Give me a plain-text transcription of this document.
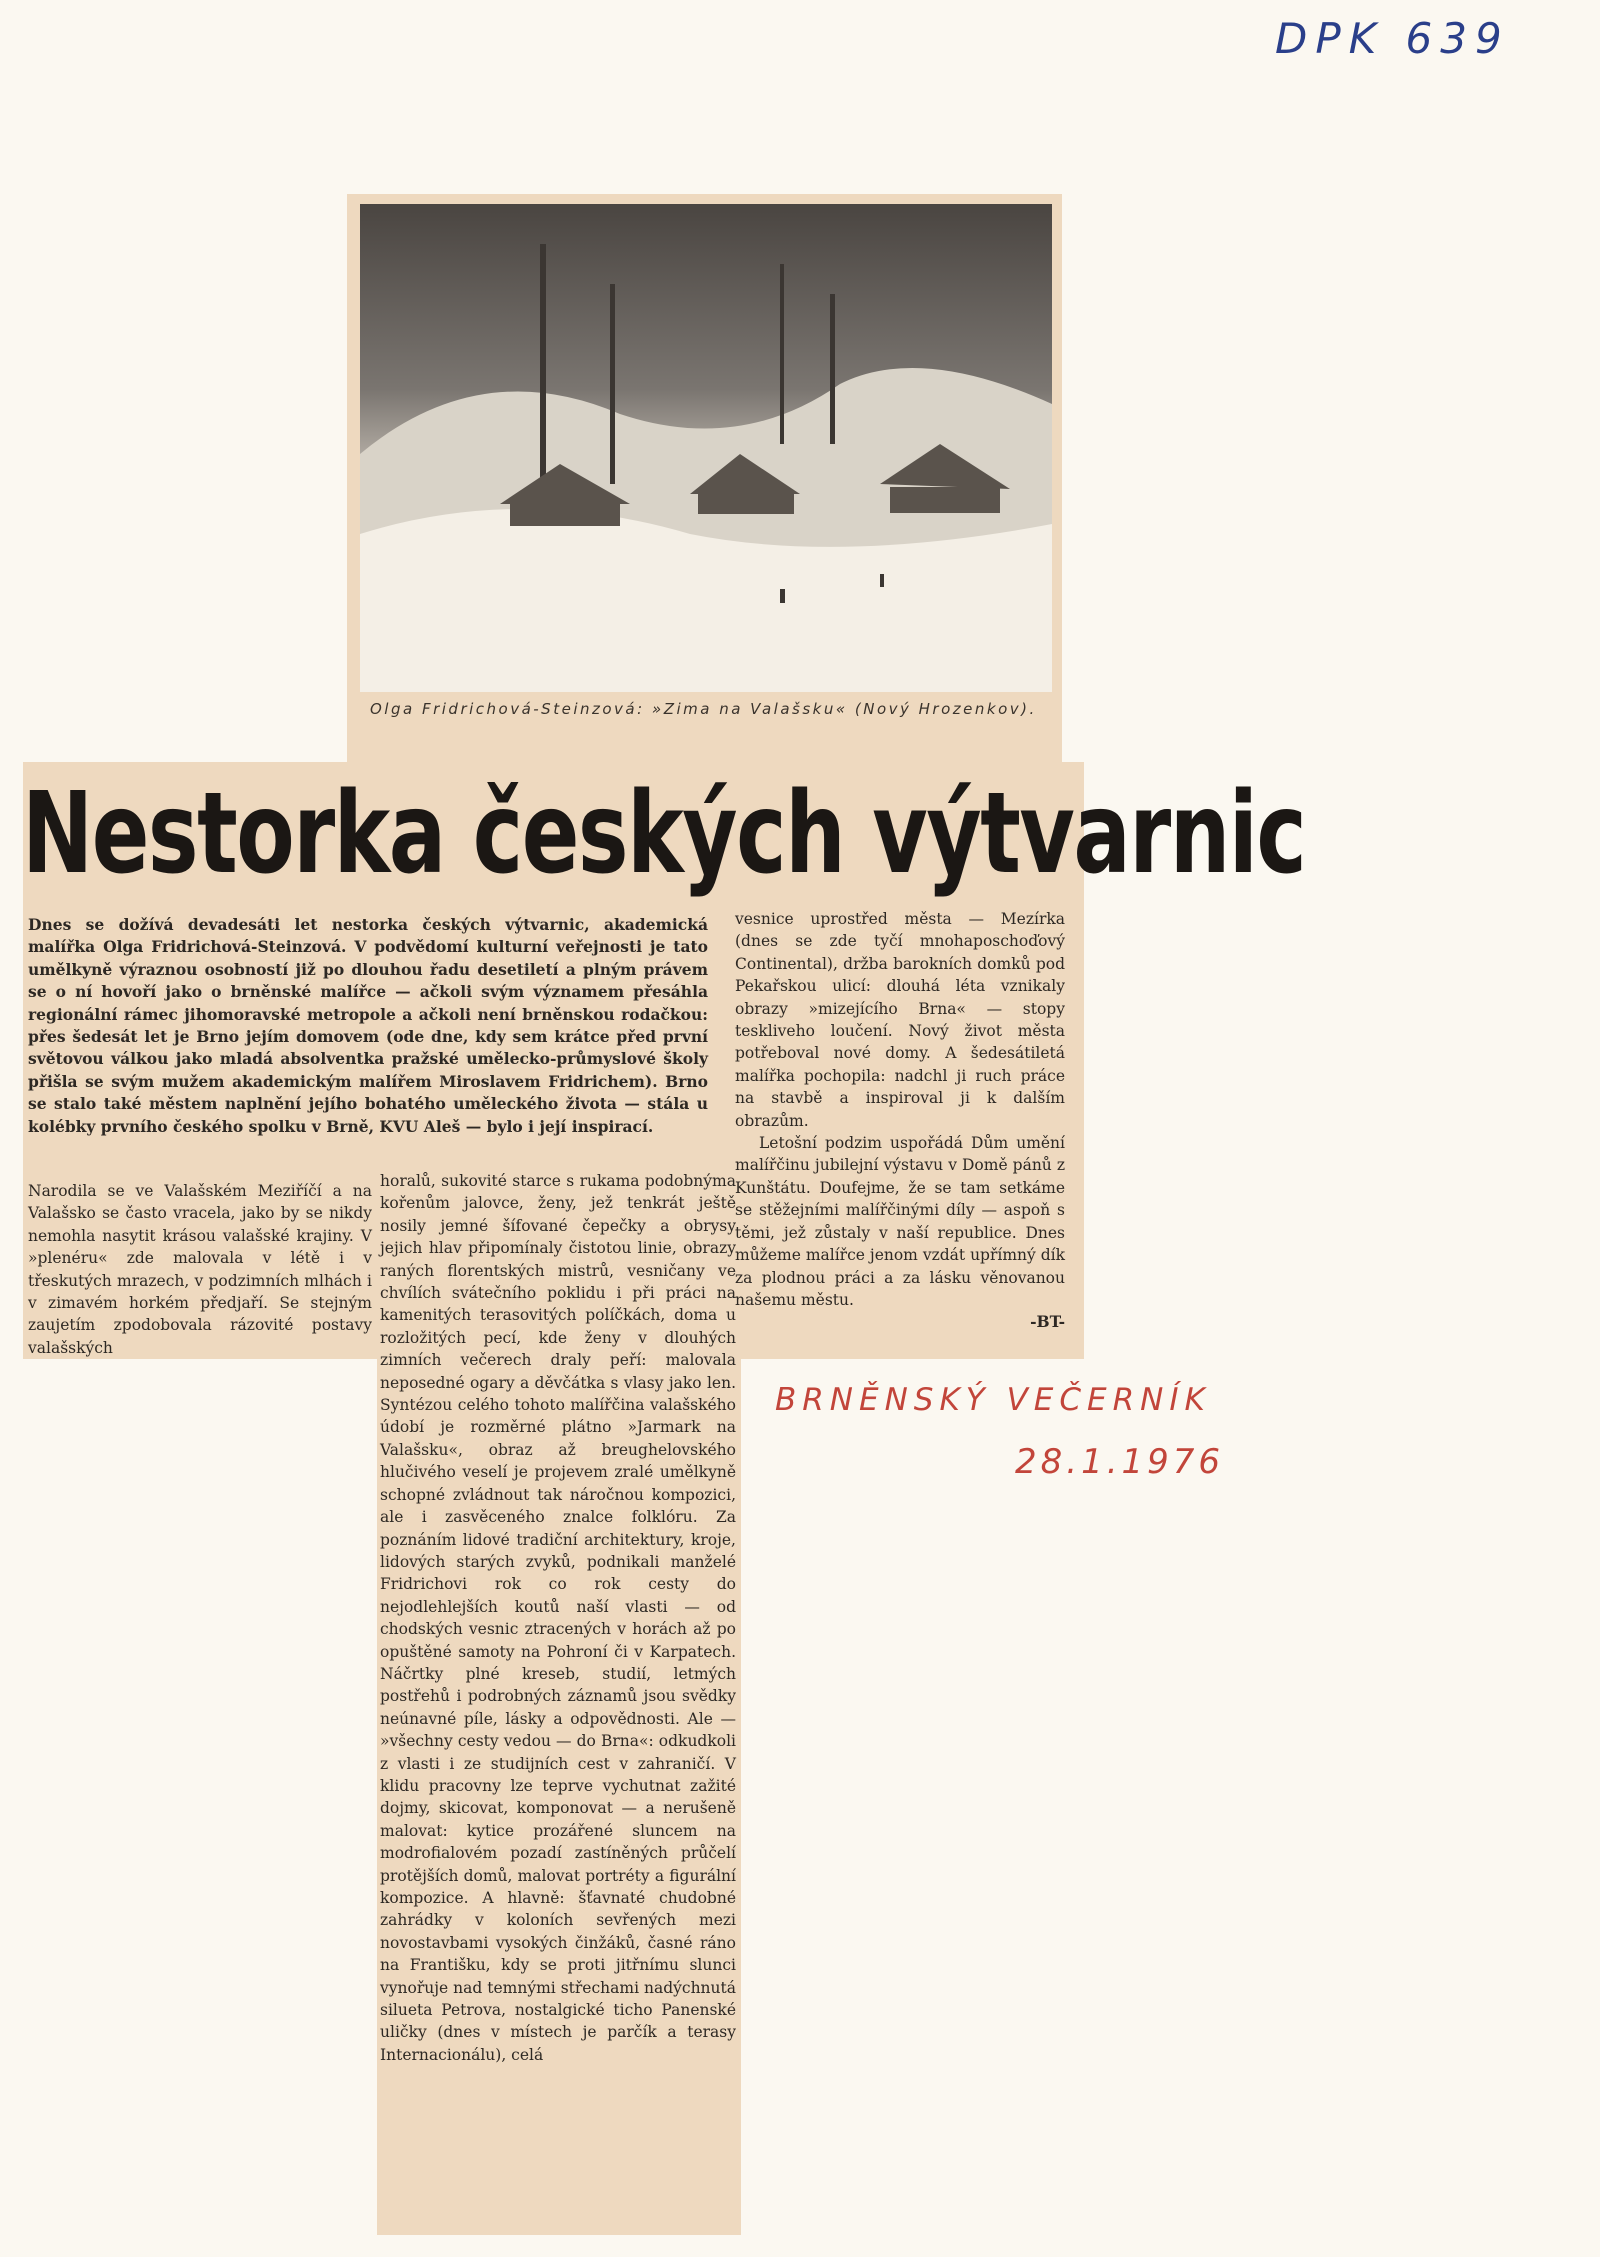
DPK 639
Olga Fridrichová-Steinzová: »Zima na Valašsku« (Nový Hrozenkov).
Nestorka českých výtvarnic
Dnes se dožívá devadesáti let nestorka českých výtvarnic, akademická malířka Olga Fridrichová-Steinzová. V podvědomí kulturní veřejnosti je tato umělkyně výraznou osobností již po dlouhou řadu desetiletí a plným právem se o ní hovoří jako o brněnské malířce — ačkoli svým významem přesáhla regionální rámec jihomoravské metropole a ačkoli není brněnskou rodačkou: přes šedesát let je Brno jejím domovem (ode dne, kdy sem krátce před první světovou válkou jako mladá absolventka pražské umělecko-průmyslové školy přišla se svým mužem akademickým malířem Miroslavem Fridrichem). Brno se stalo také městem naplnění jejího bohatého uměleckého života — stála u kolébky prvního českého spolku v Brně, KVU Aleš — bylo i její inspirací.
Narodila se ve Valašském Meziříčí a na Valašsko se často vracela, jako by se nikdy nemohla nasytit krásou valašské krajiny. V »plenéru« zde malovala v létě i v třeskutých mrazech, v podzimních mlhách i v zimavém horkém předjaří. Se stejným zaujetím zpodobovala rázovité postavy valašských
horalů, sukovité starce s rukama podobnýma kořenům jalovce, ženy, jež tenkrát ještě nosily jemné šífované čepečky a obrysy jejich hlav připomínaly čistotou linie, obrazy raných florentských mistrů, vesničany ve chvílích svátečního poklidu i při práci na kamenitých terasovitých políčkách, doma u rozložitých pecí, kde ženy v dlouhých zimních večerech draly peří: malovala neposedné ogary a děvčátka s vlasy jako len. Syntézou celého tohoto malířčina valašského údobí je rozměrné plátno »Jarmark na Valašsku«, obraz až breughelovského hlučivého veselí je projevem zralé umělkyně schopné zvládnout tak náročnou kompozici, ale i zasvěceného znalce folklóru. Za poznáním lidové tradiční architektury, kroje, lidových starých zvyků, podnikali manželé Fridrichovi rok co rok cesty do nejodlehlejších koutů naší vlasti — od chodských vesnic ztracených v horách až po opuštěné samoty na Pohroní či v Karpatech. Náčrtky plné kreseb, studií, letmých postřehů i podrobných záznamů jsou svědky neúnavné píle, lásky a odpovědnosti. Ale — »všechny cesty vedou — do Brna«: odkudkoli z vlasti i ze studijních cest v zahraničí. V klidu pracovny lze teprve vychutnat zažité dojmy, skicovat, komponovat — a nerušeně malovat: kytice prozářené sluncem na modrofialovém pozadí zastíněných průčelí protějších domů, malovat portréty a figurální kompozice. A hlavně: šťavnaté chudobné zahrádky v koloních sevřených mezi novostavbami vysokých činžáků, časné ráno na Františku, kdy se proti jitřnímu slunci vynořuje nad temnými střechami nadýchnutá silueta Petrova, nostalgické ticho Panenské uličky (dnes v místech je parčík a terasy Internacionálu), celá

vesnice uprostřed města — Mezírka (dnes se zde tyčí mnohaposchoďový Continental), držba barokních domků pod Pekařskou ulicí: dlouhá léta vznikaly obrazy »mizejícího Brna« — stopy teskliveho loučení. Nový život města potřeboval nové domy. A šedesátiletá malířka pochopila: nadchl ji ruch práce na stavbě a inspiroval ji k dalším obrazům.

Letošní podzim uspořádá Dům umění malířčinu jubilejní výstavu v Domě pánů z Kunštátu. Doufejme, že se tam setkáme se stěžejními malířčinými díly — aspoň s těmi, jež zůstaly v naší republice. Dnes můžeme malířce jenom vzdát upřímný dík za plodnou práci a za lásku věnovanou našemu městu.

-BT-

BRNĚNSKÝ VEČERNÍK
28.1.1976
